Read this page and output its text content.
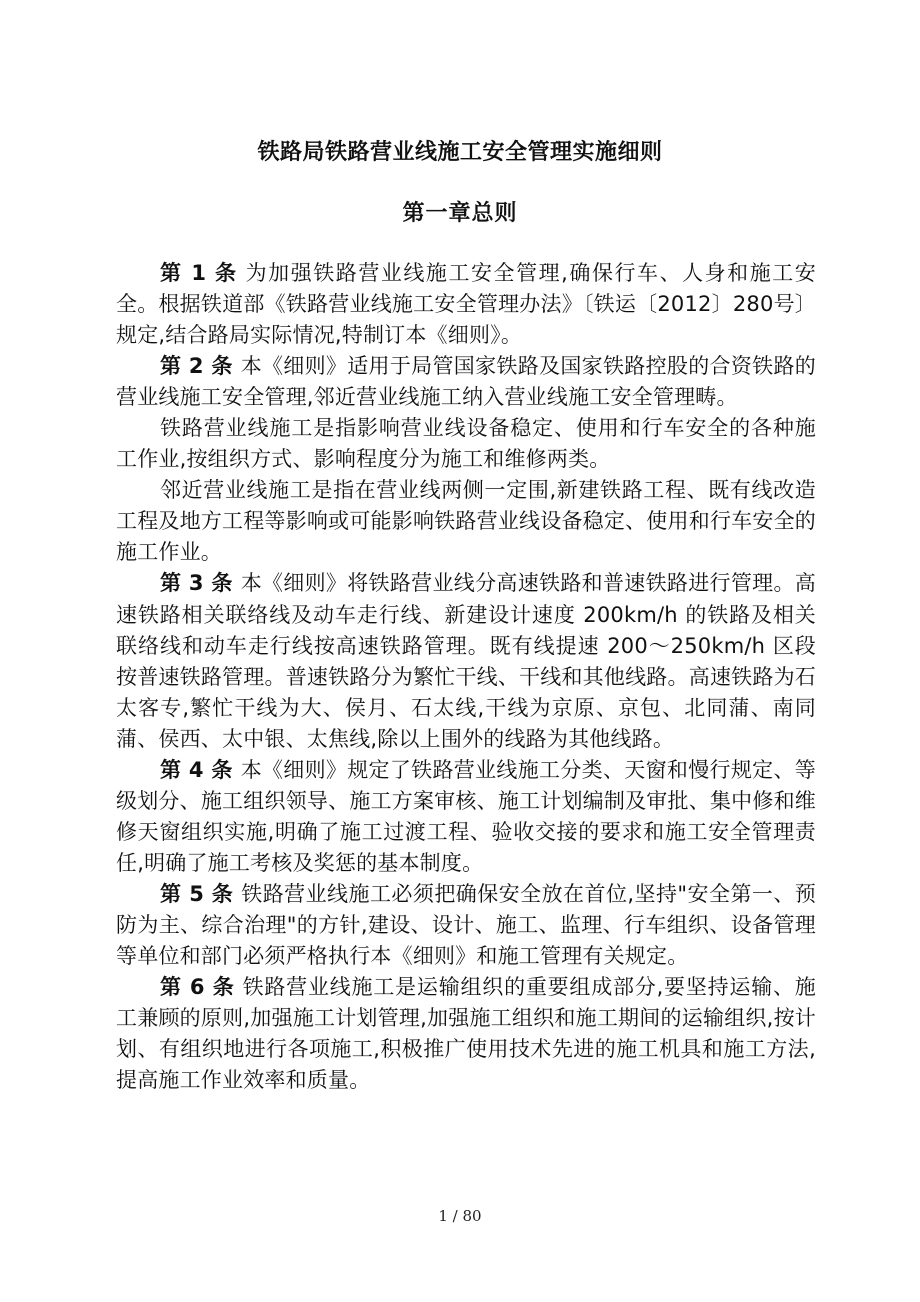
铁路局铁路营业线施工安全管理实施细则
第一章总则

第 1 条 为加强铁路营业线施工安全管理,确保行车、人身和施工安全。根据铁道部《铁路营业线施工安全管理办法》〔铁运〔2012〕280号〕规定,结合路局实际情况,特制订本《细则》。

第 2 条 本《细则》适用于局管国家铁路及国家铁路控股的合资铁路的营业线施工安全管理,邻近营业线施工纳入营业线施工安全管理畴。

铁路营业线施工是指影响营业线设备稳定、使用和行车安全的各种施工作业,按组织方式、影响程度分为施工和维修两类。

邻近营业线施工是指在营业线两侧一定围,新建铁路工程、既有线改造工程及地方工程等影响或可能影响铁路营业线设备稳定、使用和行车安全的施工作业。

第 3 条 本《细则》将铁路营业线分高速铁路和普速铁路进行管理。高速铁路相关联络线及动车走行线、新建设计速度 200km/h 的铁路及相关联络线和动车走行线按高速铁路管理。既有线提速 200～250km/h 区段按普速铁路管理。普速铁路分为繁忙干线、干线和其他线路。高速铁路为石太客专,繁忙干线为大、侯月、石太线,干线为京原、京包、北同蒲、南同蒲、侯西、太中银、太焦线,除以上围外的线路为其他线路。

第 4 条 本《细则》规定了铁路营业线施工分类、天窗和慢行规定、等级划分、施工组织领导、施工方案审核、施工计划编制及审批、集中修和维修天窗组织实施,明确了施工过渡工程、验收交接的要求和施工安全管理责任,明确了施工考核及奖惩的基本制度。

第 5 条 铁路营业线施工必须把确保安全放在首位,坚持"安全第一、预防为主、综合治理"的方针,建设、设计、施工、监理、行车组织、设备管理等单位和部门必须严格执行本《细则》和施工管理有关规定。

第 6 条 铁路营业线施工是运输组织的重要组成部分,要坚持运输、施工兼顾的原则,加强施工计划管理,加强施工组织和施工期间的运输组织,按计划、有组织地进行各项施工,积极推广使用技术先进的施工机具和施工方法,提高施工作业效率和质量。

1 / 80
